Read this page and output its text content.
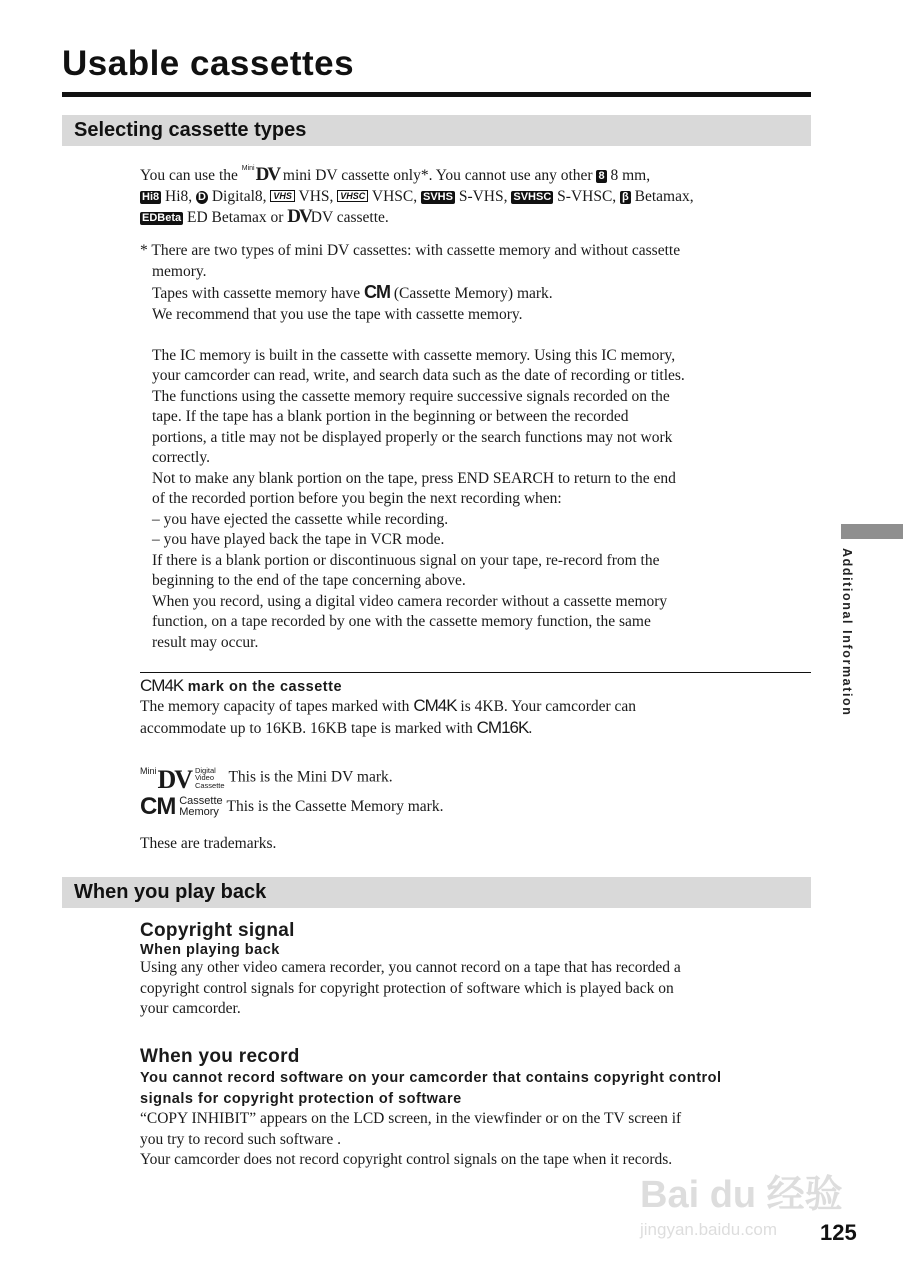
Usable cassettes
Selecting cassette types
You can use the $^{Mini}$DV mini DV cassette only*. You cannot use any other 8 8 mm,
Hi8 Hi8, D Digital8, VHS VHS, VHSC VHSC, SVHS S-VHS, SVHSC S-VHSC, β Betamax,
EDBeta ED Betamax or DVDV cassette.
* There are two types of mini DV cassettes: with cassette memory and without cassette
memory.
Tapes with cassette memory have CM (Cassette Memory) mark.
We recommend that you use the tape with cassette memory.
The IC memory is built in the cassette with cassette memory. Using this IC memory,
your camcorder can read, write, and search data such as the date of recording or titles.
The functions using the cassette memory require successive signals recorded on the
tape. If the tape has a blank portion in the beginning or between the recorded
portions, a title may not be displayed properly or the search functions may not work
correctly.
Not to make any blank portion on the tape, press END SEARCH to return to the end
of the recorded portion before you begin the next recording when:
– you have ejected the cassette while recording.
– you have played back the tape in VCR mode.
If there is a blank portion or discontinuous signal on your tape, re-record from the
beginning to the end of the tape concerning above.
When you record, using a digital video camera recorder without a cassette memory
function, on a tape recorded by one with the cassette memory function, the same
result may occur.
CM4K mark on the cassette
The memory capacity of tapes marked with CM4K is 4KB. Your camcorder can
accommodate up to 16KB. 16KB tape is marked with CM16K.
$^{Mini}$DV Digital
Video
Cassette This is the Mini DV mark.
CM Cassette
Memory This is the Cassette Memory mark.
These are trademarks.
When you play back
Copyright signal
When playing back
Using any other video camera recorder, you cannot record on a tape that has recorded a
copyright control signals for copyright protection of software which is played back on
your camcorder.
When you record
You cannot record software on your camcorder that contains copyright control
signals for copyright protection of software
“COPY INHIBIT” appears on the LCD screen, in the viewfinder or on the TV screen if
you try to record such software .
Your camcorder does not record copyright control signals on the tape when it records.
Additional Information
Bai du 经验
jingyan.baidu.com	125
